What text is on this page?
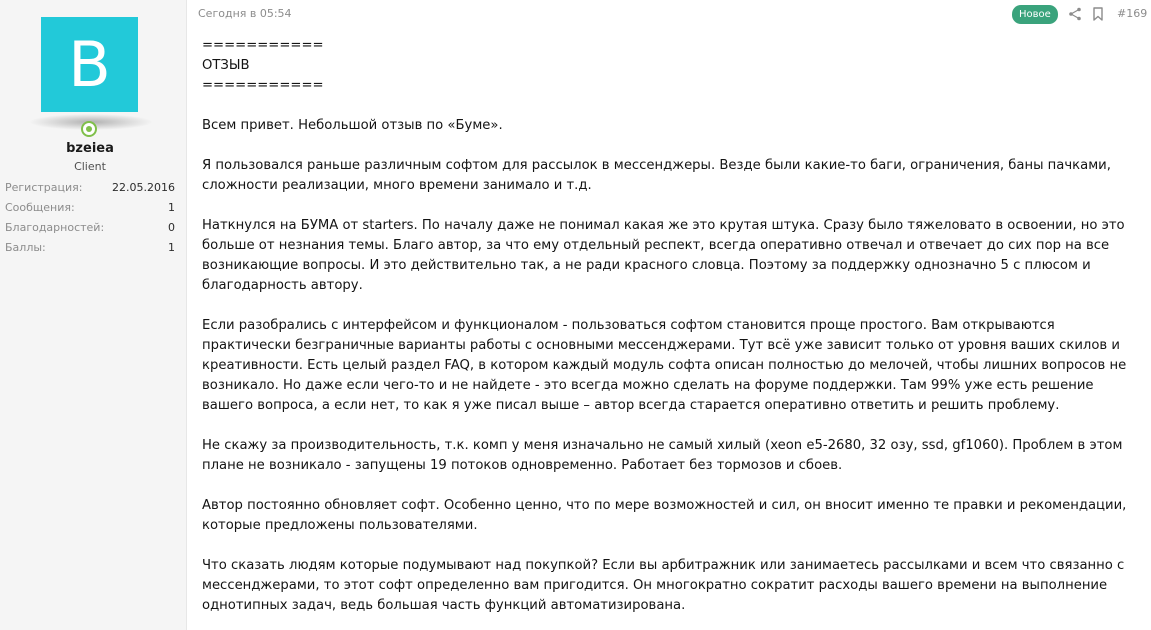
B
bzeiea
Client
Регистрация:	22.05.2016
Сообщения:	1
Благодарностей:	0
Баллы:	1
Сегодня в 05:54	Новое	#169

===========

ОТЗЫВ

===========

Всем привет. Небольшой отзыв по «Буме».

Я пользовался раньше различным софтом для рассылок в мессенджеры. Везде были какие-то баги, ограничения, баны пачками, сложности реализации, много времени занимало и т.д.

Наткнулся на БУМА от starters. По началу даже не понимал какая же это крутая штука. Сразу было тяжеловато в освоении, но это больше от незнания темы. Благо автор, за что ему отдельный респект, всегда оперативно отвечал и отвечает до сих пор на все возникающие вопросы. И это действительно так, а не ради красного словца. Поэтому за поддержку однозначно 5 с плюсом и благодарность автору.

Если разобрались с интерфейсом и функционалом - пользоваться софтом становится проще простого. Вам открываются практически безграничные варианты работы с основными мессенджерами. Тут всё уже зависит только от уровня ваших скилов и креативности. Есть целый раздел FAQ, в котором каждый модуль софта описан полностью до мелочей, чтобы лишних вопросов не возникало. Но даже если чего-то и не найдете - это всегда можно сделать на форуме поддержки. Там 99% уже есть решение вашего вопроса, а если нет, то как я уже писал выше – автор всегда старается оперативно ответить и решить проблему.

Не скажу за производительность, т.к. комп у меня изначально не самый хилый (xeon e5-2680, 32 озу, ssd, gf1060). Проблем в этом плане не возникало - запущены 19 потоков одновременно. Работает без тормозов и сбоев.

Автор постоянно обновляет софт. Особенно ценно, что по мере возможностей и сил, он вносит именно те правки и рекомендации, которые предложены пользователями.

Что сказать людям которые подумывают над покупкой? Если вы арбитражник или занимаетесь рассылками и всем что связанно с мессенджерами, то этот софт определенно вам пригодится. Он многократно сократит расходы вашего времени на выполнение однотипных задач, ведь большая часть функций автоматизирована.
